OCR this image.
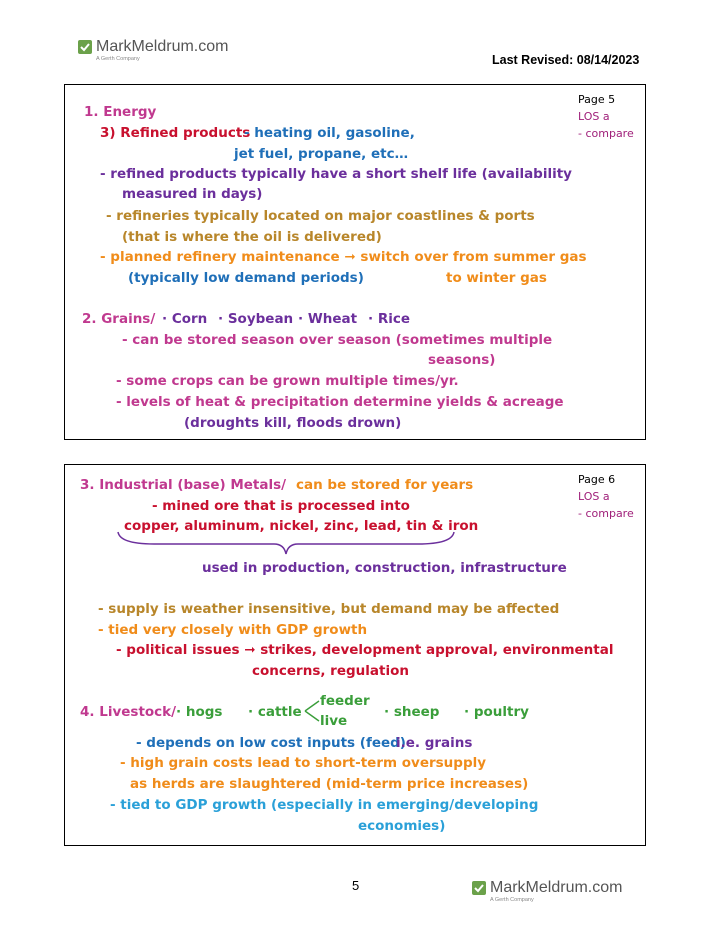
MarkMeldrum.com
A Gerth Company	Last Revised: 08/14/2023
Page 5
LOS a
- compare
1. Energy
3) Refined products
- heating oil, gasoline,
jet fuel, propane, etc…
- refined products typically have a short shelf life (availability
measured in days)
- refineries typically located on major coastlines & ports
(that is where the oil is delivered)
- planned refinery maintenance ➞ switch over from summer gas
(typically low demand periods)	to winter gas
2. Grains/ · Corn · Soybean · Wheat · Rice
- can be stored season over season (sometimes multiple
seasons)
- some crops can be grown multiple times/yr.
- levels of heat & precipitation determine yields & acreage
(droughts kill, floods drown)
Page 6
LOS a
- compare
3. Industrial (base) Metals/ can be stored for years
- mined ore that is processed into
copper, aluminum, nickel, zinc, lead, tin & iron
used in production, construction, infrastructure
- supply is weather insensitive, but demand may be affected
- tied very closely with GDP growth
- political issues ➞ strikes, development approval, environmental
concerns, regulation
4. Livestock/ · hogs · cattle
feeder
live
· sheep · poultry
- depends on low cost inputs (feed)
i.e. grains
- high grain costs lead to short-term oversupply
as herds are slaughtered (mid-term price increases)
- tied to GDP growth (especially in emerging/developing
economies)
5	MarkMeldrum.com
A Gerth Company
